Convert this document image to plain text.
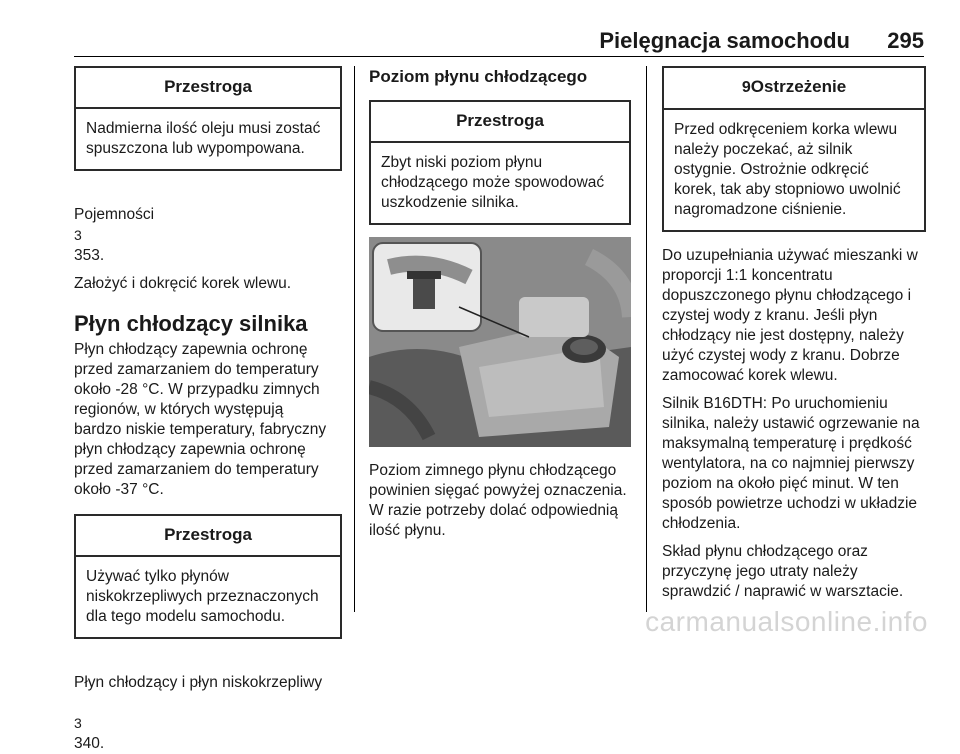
Pielęgnacja samochodu 295
Przestroga
Nadmierna ilość oleju musi zostać
spuszczona lub wypompowana.

Pojemności
3
353.

Założyć i dokręcić korek wlewu.

Płyn chłodzący silnika

Płyn chłodzący zapewnia ochronę
przed zamarzaniem do temperatury
około -28 °C. W przypadku zimnych
regionów, w których występują
bardzo niskie temperatury, fabryczny
płyn chłodzący zapewnia ochronę
przed zamarzaniem do temperatury
około -37 °C.

Przestroga
Używać tylko płynów
niskokrzepliwych przeznaczonych
dla tego modelu samochodu.

Płyn chłodzący i płyn niskokrzepliwy

3
340.

Poziom płynu chłodzącego
Przestroga
Zbyt niski poziom płynu
chłodzącego może spowodować
uszkodzenie silnika.

Poziom zimnego płynu chłodzącego
powinien sięgać powyżej oznaczenia.
W razie potrzeby dolać odpowiednią
ilość płynu.

9Ostrzeżenie
Przed odkręceniem korka wlewu
należy poczekać, aż silnik
ostygnie. Ostrożnie odkręcić
korek, tak aby stopniowo uwolnić
nagromadzone ciśnienie.

Do uzupełniania używać mieszanki w
proporcji 1:1 koncentratu
dopuszczonego płynu chłodzącego i
czystej wody z kranu. Jeśli płyn
chłodzący nie jest dostępny, należy
użyć czystej wody z kranu. Dobrze
zamocować korek wlewu.

Silnik B16DTH: Po uruchomieniu
silnika, należy ustawić ogrzewanie na
maksymalną temperaturę i prędkość
wentylatora, na co najmniej pierwszy
poziom na około pięć minut. W ten
sposób powietrze uchodzi w układzie
chłodzenia.

Skład płynu chłodzącego oraz
przyczynę jego utraty należy
sprawdzić / naprawić w warsztacie.

carmanualsonline.info
